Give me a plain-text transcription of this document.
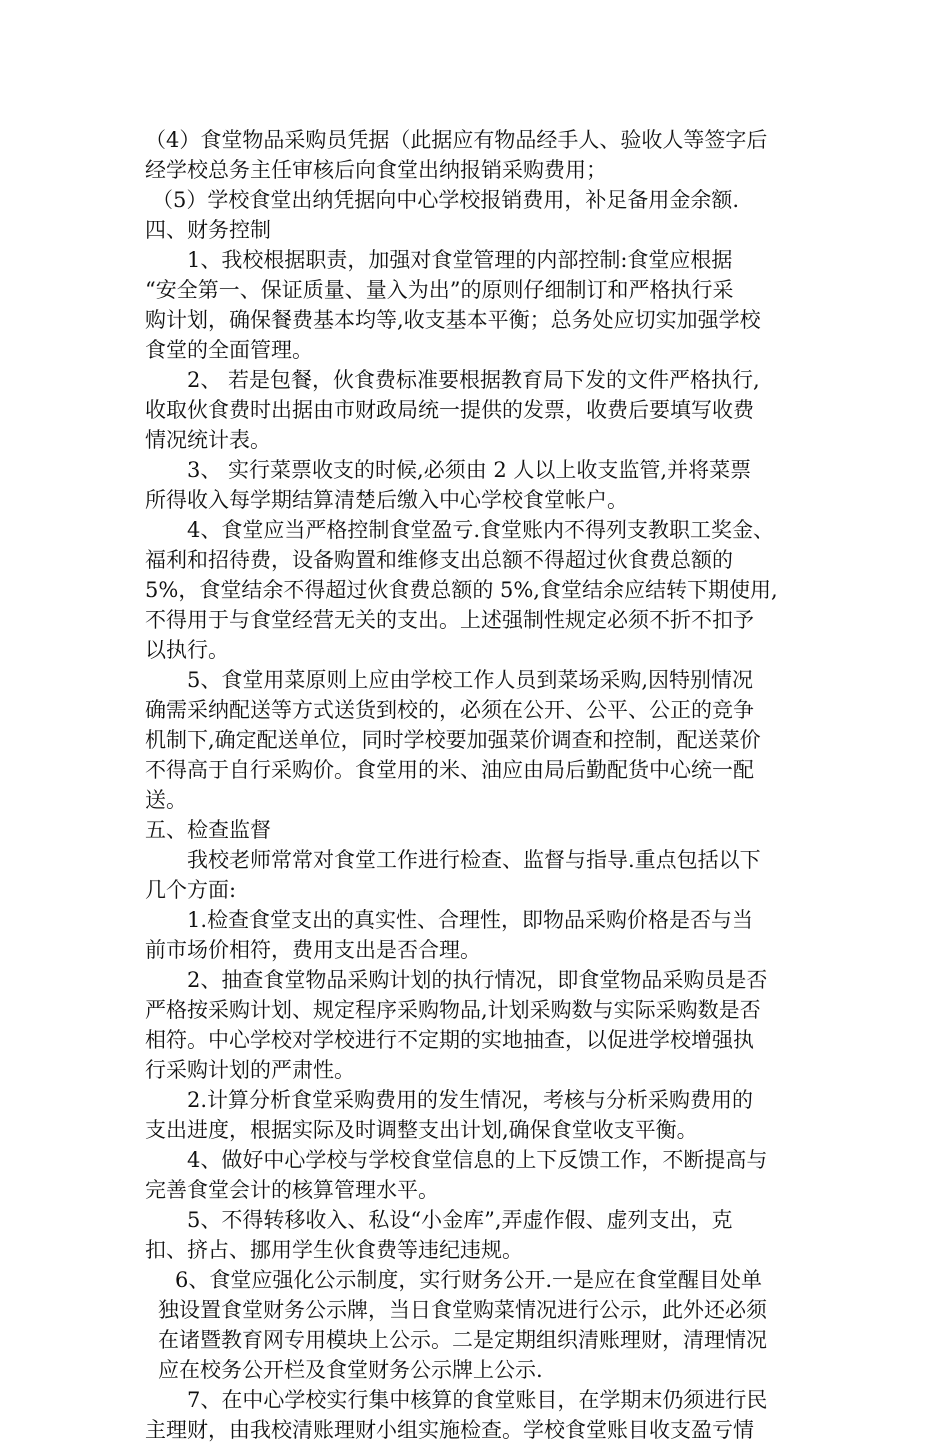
（4）食堂物品采购员凭据（此据应有物品经手人、验收人等签字后
经学校总务主任审核后向食堂出纳报销采购费用；
（5）学校食堂出纳凭据向中心学校报销费用，补足备用金余额.
四、财务控制
1、我校根据职责，加强对食堂管理的内部控制:食堂应根据
“安全第一、保证质量、量入为出”的原则仔细制订和严格执行采
购计划，确保餐费基本均等,收支基本平衡；总务处应切实加强学校
食堂的全面管理。
2、 若是包餐，伙食费标准要根据教育局下发的文件严格执行,
收取伙食费时出据由市财政局统一提供的发票，收费后要填写收费
情况统计表。
3、 实行菜票收支的时候,必须由 2 人以上收支监管,并将菜票
所得收入每学期结算清楚后缴入中心学校食堂帐户。
4、食堂应当严格控制食堂盈亏.食堂账内不得列支教职工奖金、
福利和招待费，设备购置和维修支出总额不得超过伙食费总额的
5%，食堂结余不得超过伙食费总额的 5%,食堂结余应结转下期使用,
不得用于与食堂经营无关的支出。上述强制性规定必须不折不扣予
以执行。
5、食堂用菜原则上应由学校工作人员到菜场采购,因特别情况
确需采纳配送等方式送货到校的，必须在公开、公平、公正的竞争
机制下,确定配送单位，同时学校要加强菜价调查和控制，配送菜价
不得高于自行采购价。食堂用的米、油应由局后勤配货中心统一配
送。
五、检查监督
我校老师常常对食堂工作进行检查、监督与指导.重点包括以下
几个方面:
1.检查食堂支出的真实性、合理性，即物品采购价格是否与当
前市场价相符，费用支出是否合理。
2、抽查食堂物品采购计划的执行情况，即食堂物品采购员是否
严格按采购计划、规定程序采购物品,计划采购数与实际采购数是否
相符。中心学校对学校进行不定期的实地抽查，以促进学校增强执
行采购计划的严肃性。
2.计算分析食堂采购费用的发生情况，考核与分析采购费用的
支出进度，根据实际及时调整支出计划,确保食堂收支平衡。
4、做好中心学校与学校食堂信息的上下反馈工作，不断提高与
完善食堂会计的核算管理水平。
5、不得转移收入、私设“小金库”,弄虚作假、虚列支出，克
扣、挤占、挪用学生伙食费等违纪违规。
6、食堂应强化公示制度，实行财务公开.一是应在食堂醒目处单
独设置食堂财务公示牌，当日食堂购菜情况进行公示，此外还必须
在诸暨教育网专用模块上公示。二是定期组织清账理财，清理情况
应在校务公开栏及食堂财务公示牌上公示.
7、在中心学校实行集中核算的食堂账目，在学期末仍须进行民
主理财，由我校清账理财小组实施检查。学校食堂账目收支盈亏情
